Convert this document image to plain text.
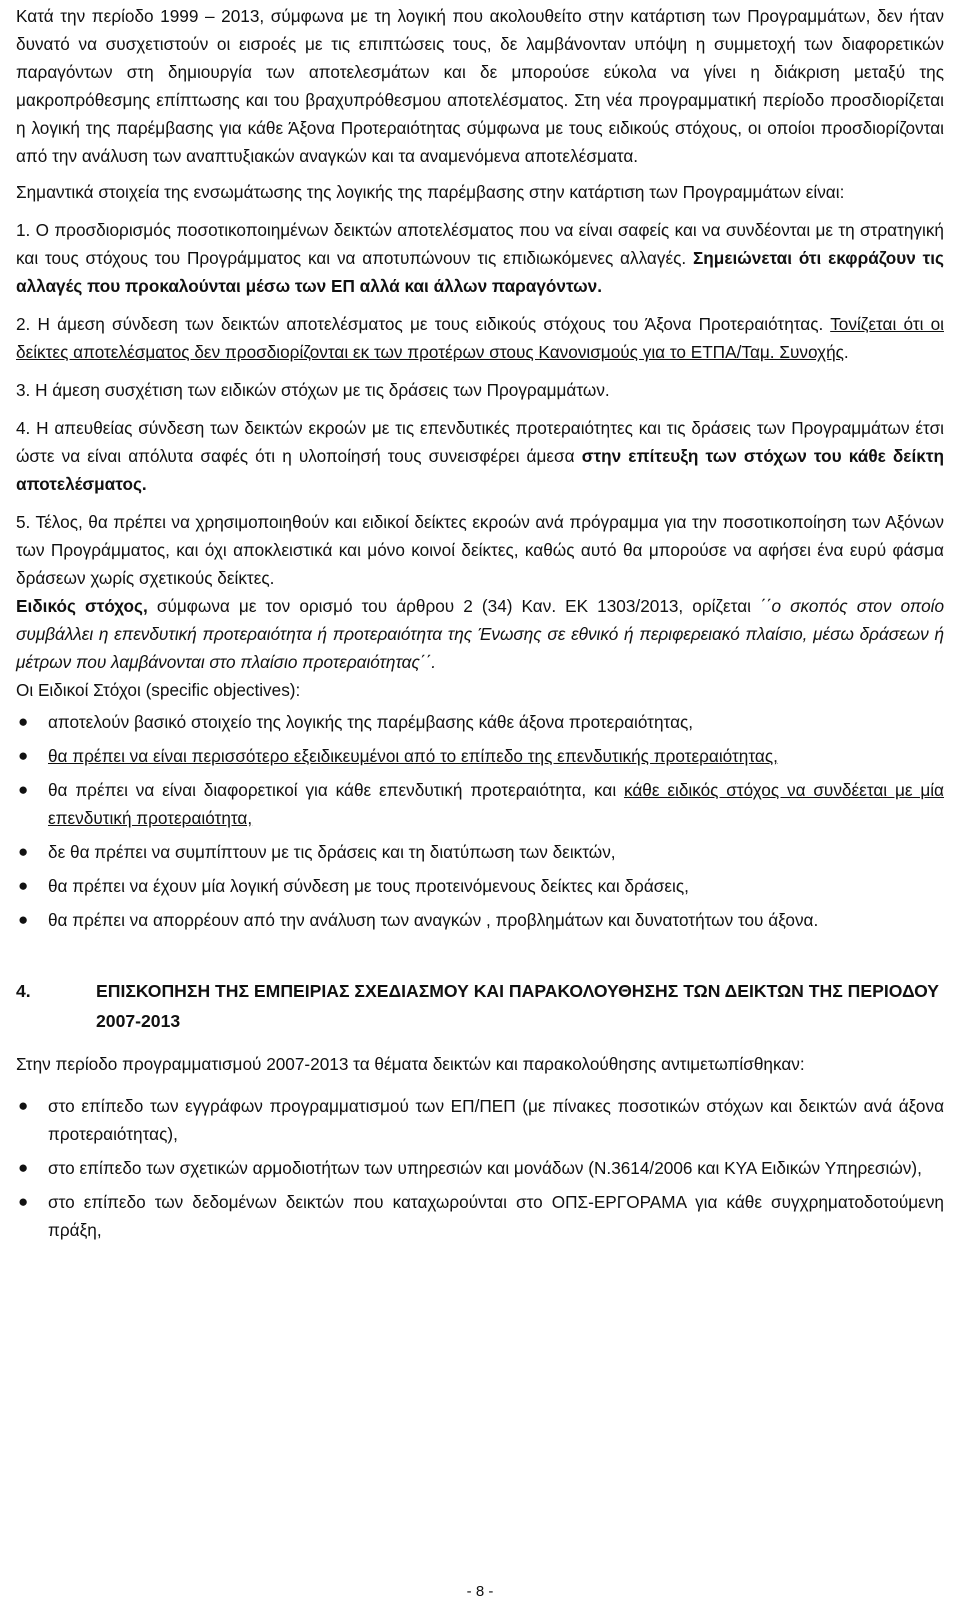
Κατά την περίοδο 1999 – 2013, σύμφωνα με τη λογική που ακολουθείτο στην κατάρτιση των Προγραμμάτων, δεν ήταν δυνατό να συσχετιστούν οι εισροές με τις επιπτώσεις τους, δε λαμβάνονταν υπόψη η συμμετοχή των διαφορετικών παραγόντων στη δημιουργία των αποτελεσμάτων και δε μπορούσε εύκολα να γίνει η διάκριση μεταξύ της μακροπρόθεσμης επίπτωσης και του βραχυπρόθεσμου αποτελέσματος. Στη νέα προγραμματική περίοδο προσδιορίζεται η λογική της παρέμβασης για κάθε Άξονα Προτεραιότητας σύμφωνα με τους ειδικούς στόχους, οι οποίοι προσδιορίζονται από την ανάλυση των αναπτυξιακών αναγκών και τα αναμενόμενα αποτελέσματα.

Σημαντικά στοιχεία της ενσωμάτωσης της λογικής της παρέμβασης στην κατάρτιση των Προγραμμάτων είναι:

1. Ο προσδιορισμός ποσοτικοποιημένων δεικτών αποτελέσματος που να είναι σαφείς και να συνδέονται με τη στρατηγική και τους στόχους του Προγράμματος και να αποτυπώνουν τις επιδιωκόμενες αλλαγές. Σημειώνεται ότι εκφράζουν τις αλλαγές που προκαλούνται μέσω των ΕΠ αλλά και άλλων παραγόντων.

2. Η άμεση σύνδεση των δεικτών αποτελέσματος με τους ειδικούς στόχους του Άξονα Προτεραιότητας. Τονίζεται ότι οι δείκτες αποτελέσματος δεν προσδιορίζονται εκ των προτέρων στους Κανονισμούς για το ΕΤΠΑ/Ταμ. Συνοχής.

3. Η άμεση συσχέτιση των ειδικών στόχων με τις δράσεις των Προγραμμάτων.

4. Η απευθείας σύνδεση των δεικτών εκροών με τις επενδυτικές προτεραιότητες και τις δράσεις των Προγραμμάτων έτσι ώστε να είναι απόλυτα σαφές ότι η υλοποίησή τους συνεισφέρει άμεσα στην επίτευξη των στόχων του κάθε δείκτη αποτελέσματος.

5. Τέλος, θα πρέπει να χρησιμοποιηθούν και ειδικοί δείκτες εκροών ανά πρόγραμμα για την ποσοτικοποίηση των Αξόνων των Προγράμματος, και όχι αποκλειστικά και μόνο κοινοί δείκτες, καθώς αυτό θα μπορούσε να αφήσει ένα ευρύ φάσμα δράσεων χωρίς σχετικούς δείκτες.

Ειδικός στόχος, σύμφωνα με τον ορισμό του άρθρου 2 (34) Καν. ΕΚ 1303/2013, ορίζεται ΄΄ο σκοπός στον οποίο συμβάλλει η επενδυτική προτεραιότητα ή προτεραιότητα της Ένωσης σε εθνικό ή περιφερειακό πλαίσιο, μέσω δράσεων ή μέτρων που λαμβάνονται στο πλαίσιο προτεραιότητας΄΄.

Οι Ειδικοί Στόχοι (specific objectives):

● αποτελούν βασικό στοιχείο της λογικής της παρέμβασης κάθε άξονα προτεραιότητας,
● θα πρέπει να είναι περισσότερο εξειδικευμένοι από το επίπεδο της επενδυτικής προτεραιότητας,
● θα πρέπει να είναι διαφορετικοί για κάθε επενδυτική προτεραιότητα, και κάθε ειδικός στόχος να συνδέεται με μία επενδυτική προτεραιότητα,
● δε θα πρέπει να συμπίπτουν με τις δράσεις και τη διατύπωση των δεικτών,
● θα πρέπει να έχουν μία λογική σύνδεση με τους προτεινόμενους δείκτες και δράσεις,
● θα πρέπει να απορρέουν από την ανάλυση των αναγκών , προβλημάτων και δυνατοτήτων του άξονα.
4.	ΕΠΙΣΚΟΠΗΣΗ ΤΗΣ ΕΜΠΕΙΡΙΑΣ ΣΧΕΔΙΑΣΜΟΥ ΚΑΙ ΠΑΡΑΚΟΛΟΥΘΗΣΗΣ ΤΩΝ ΔΕΙΚΤΩΝ ΤΗΣ ΠΕΡΙΟΔΟΥ 2007-2013

Στην περίοδο προγραμματισμού 2007-2013 τα θέματα δεικτών και παρακολούθησης αντιμετωπίσθηκαν:

● στο επίπεδο των εγγράφων προγραμματισμού των ΕΠ/ΠΕΠ (με πίνακες ποσοτικών στόχων και δεικτών ανά άξονα προτεραιότητας),
● στο επίπεδο των σχετικών αρμοδιοτήτων των υπηρεσιών και μονάδων (Ν.3614/2006 και ΚΥΑ Ειδικών Υπηρεσιών),
● στο επίπεδο των δεδομένων δεικτών που καταχωρούνται στο ΟΠΣ-ΕΡΓΟΡΑΜΑ για κάθε συγχρηματοδοτούμενη πράξη,
- 8 -
